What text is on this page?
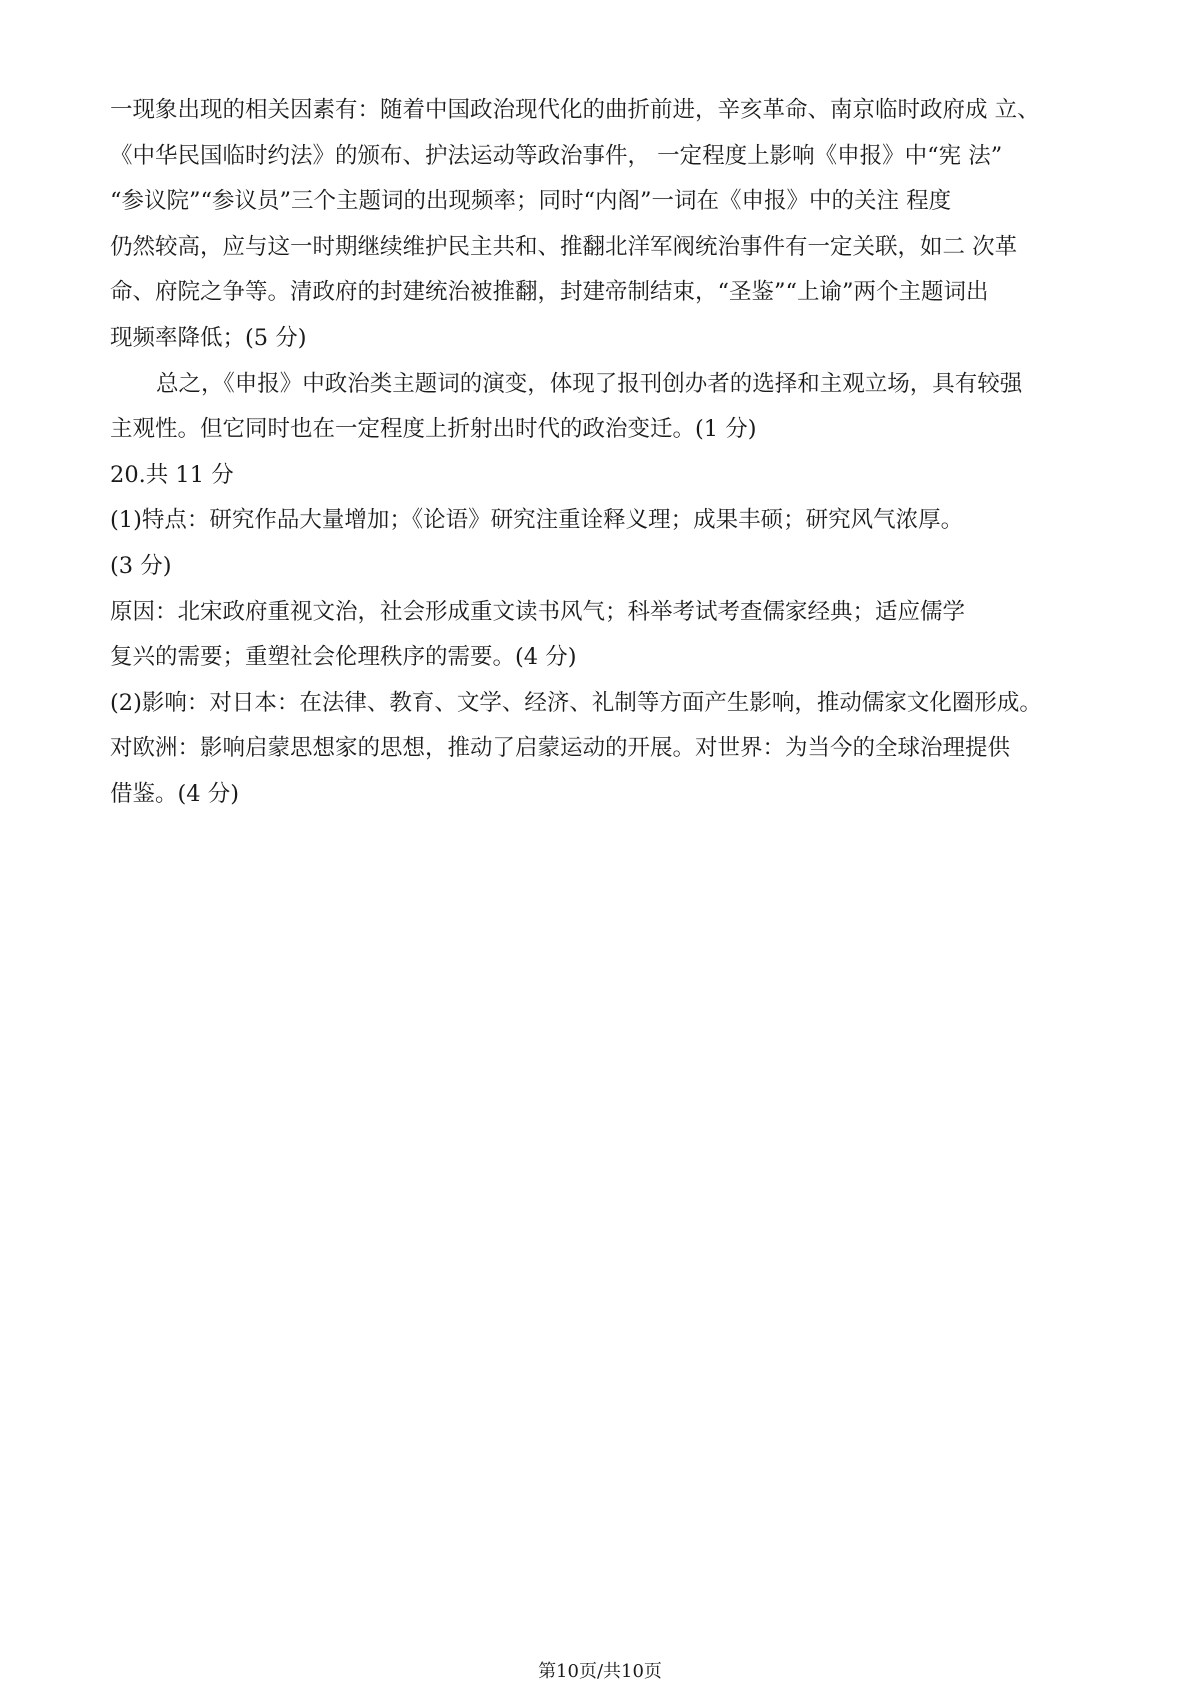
一现象出现的相关因素有：随着中国政治现代化的曲折前进，辛亥革命、南京临时政府成 立、
《中华民国临时约法》的颁布、护法运动等政治事件， 一定程度上影响《申报》中“宪 法”
“参议院”“参议员”三个主题词的出现频率；同时“内阁”一词在《申报》中的关注 程度
仍然较高，应与这一时期继续维护民主共和、推翻北洋军阀统治事件有一定关联，如二 次革
命、府院之争等。清政府的封建统治被推翻，封建帝制结束，“圣鉴”“上谕”两个主题词出
现频率降低；(5 分)
总之，《申报》中政治类主题词的演变，体现了报刊创办者的选择和主观立场，具有较强
主观性。但它同时也在一定程度上折射出时代的政治变迁。(1 分)
20.共 11 分
(1)特点：研究作品大量增加；《论语》研究注重诠释义理；成果丰硕；研究风气浓厚。
(3 分)
原因：北宋政府重视文治，社会形成重文读书风气；科举考试考查儒家经典；适应儒学
复兴的需要；重塑社会伦理秩序的需要。(4 分)
(2)影响：对日本：在法律、教育、文学、经济、礼制等方面产生影响，推动儒家文化圈形成。
对欧洲：影响启蒙思想家的思想，推动了启蒙运动的开展。对世界：为当今的全球治理提供
借鉴。(4 分)
第10页/共10页
